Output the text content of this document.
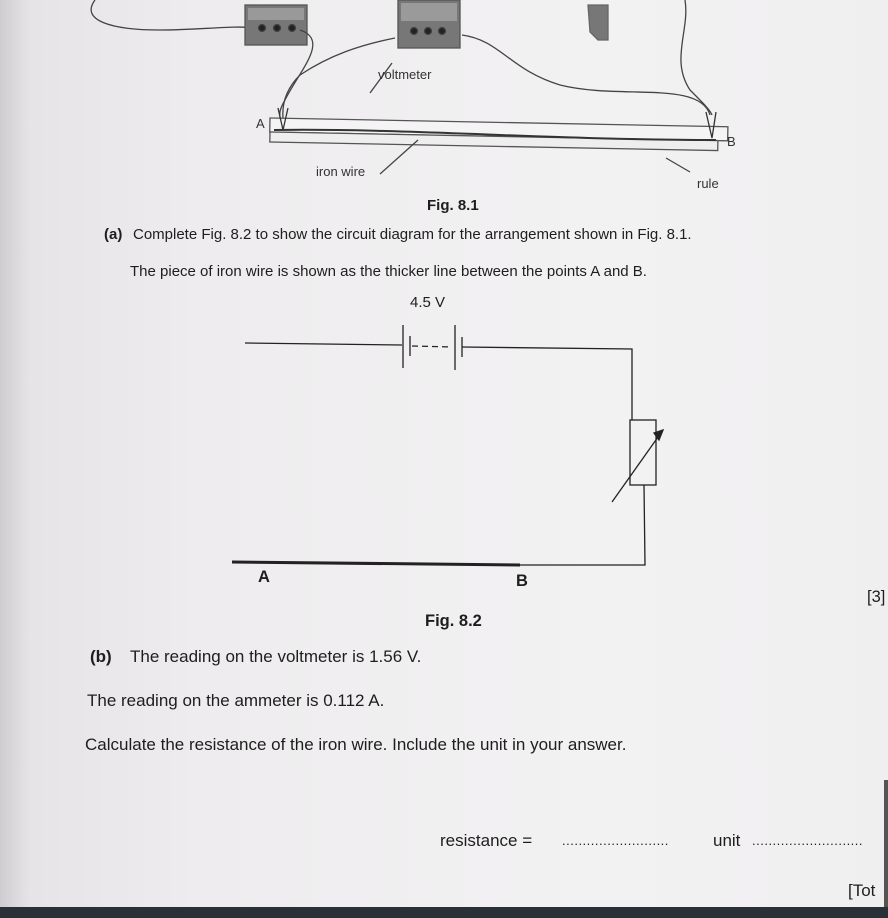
voltmeter
A
B
iron wire
rule
Fig. 8.1
(a) Complete Fig. 8.2 to show the circuit diagram for the arrangement shown in Fig. 8.1.
The piece of iron wire is shown as the thicker line between the points A and B.
4.5 V
A	B
[3]
Fig. 8.2
(b) The reading on the voltmeter is 1.56 V.
The reading on the ammeter is 0.112 A.
Calculate the resistance of the iron wire. Include the unit in your answer.
resistance = ..........................	unit ...........................
[Tot
